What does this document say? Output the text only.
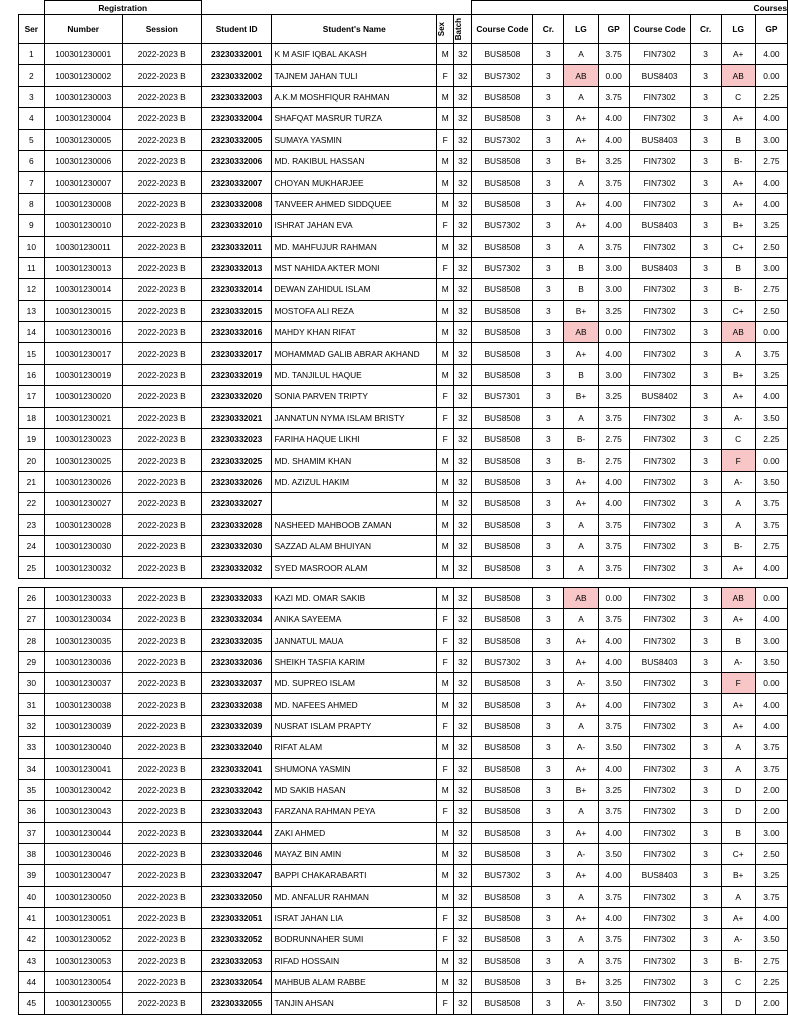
	Registration						Courses							
Ser	Number	Session	Student ID	Student's Name	Sex	Batch	Course Code	Cr.	LG	GP	Course Code	Cr.	LG	GP
1	100301230001	2022-2023 B	23230332001	K M ASIF IQBAL AKASH	M	32	BUS8508	3	A	3.75	FIN7302	3	A+	4.00
2	100301230002	2022-2023 B	23230332002	TAJNEM JAHAN TULI	F	32	BUS7302	3	AB	0.00	BUS8403	3	AB	0.00
3	100301230003	2022-2023 B	23230332003	A.K.M MOSHFIQUR RAHMAN	M	32	BUS8508	3	A	3.75	FIN7302	3	C	2.25
4	100301230004	2022-2023 B	23230332004	SHAFQAT MASRUR TURZA	M	32	BUS8508	3	A+	4.00	FIN7302	3	A+	4.00
5	100301230005	2022-2023 B	23230332005	SUMAYA YASMIN	F	32	BUS7302	3	A+	4.00	BUS8403	3	B	3.00
6	100301230006	2022-2023 B	23230332006	MD. RAKIBUL HASSAN	M	32	BUS8508	3	B+	3.25	FIN7302	3	B-	2.75
7	100301230007	2022-2023 B	23230332007	CHOYAN MUKHARJEE	M	32	BUS8508	3	A	3.75	FIN7302	3	A+	4.00
8	100301230008	2022-2023 B	23230332008	TANVEER AHMED SIDDQUEE	M	32	BUS8508	3	A+	4.00	FIN7302	3	A+	4.00
9	100301230010	2022-2023 B	23230332010	ISHRAT JAHAN EVA	F	32	BUS7302	3	A+	4.00	BUS8403	3	B+	3.25
10	100301230011	2022-2023 B	23230332011	MD. MAHFUJUR RAHMAN	M	32	BUS8508	3	A	3.75	FIN7302	3	C+	2.50
11	100301230013	2022-2023 B	23230332013	MST NAHIDA AKTER MONI	F	32	BUS7302	3	B	3.00	BUS8403	3	B	3.00
12	100301230014	2022-2023 B	23230332014	DEWAN ZAHIDUL ISLAM	M	32	BUS8508	3	B	3.00	FIN7302	3	B-	2.75
13	100301230015	2022-2023 B	23230332015	MOSTOFA ALI REZA	M	32	BUS8508	3	B+	3.25	FIN7302	3	C+	2.50
14	100301230016	2022-2023 B	23230332016	MAHDY KHAN RIFAT	M	32	BUS8508	3	AB	0.00	FIN7302	3	AB	0.00
15	100301230017	2022-2023 B	23230332017	MOHAMMAD GALIB ABRAR AKHAND	M	32	BUS8508	3	A+	4.00	FIN7302	3	A	3.75
16	100301230019	2022-2023 B	23230332019	MD. TANJILUL HAQUE	M	32	BUS8508	3	B	3.00	FIN7302	3	B+	3.25
17	100301230020	2022-2023 B	23230332020	SONIA PARVEN TRIPTY	F	32	BUS7301	3	B+	3.25	BUS8402	3	A+	4.00
18	100301230021	2022-2023 B	23230332021	JANNATUN NYMA ISLAM BRISTY	F	32	BUS8508	3	A	3.75	FIN7302	3	A-	3.50
19	100301230023	2022-2023 B	23230332023	FARIHA HAQUE LIKHI	F	32	BUS8508	3	B-	2.75	FIN7302	3	C	2.25
20	100301230025	2022-2023 B	23230332025	MD. SHAMIM KHAN	M	32	BUS8508	3	B-	2.75	FIN7302	3	F	0.00
21	100301230026	2022-2023 B	23230332026	MD. AZIZUL HAKIM	M	32	BUS8508	3	A+	4.00	FIN7302	3	A-	3.50
22	100301230027	2022-2023 B	23230332027		M	32	BUS8508	3	A+	4.00	FIN7302	3	A	3.75
23	100301230028	2022-2023 B	23230332028	NASHEED MAHBOOB ZAMAN	M	32	BUS8508	3	A	3.75	FIN7302	3	A	3.75
24	100301230030	2022-2023 B	23230332030	SAZZAD ALAM BHUIYAN	M	32	BUS8508	3	A	3.75	FIN7302	3	B-	2.75
25	100301230032	2022-2023 B	23230332032	SYED MASROOR ALAM	M	32	BUS8508	3	A	3.75	FIN7302	3	A+	4.00

26	100301230033	2022-2023 B	23230332033	KAZI MD. OMAR SAKIB	M	32	BUS8508	3	AB	0.00	FIN7302	3	AB	0.00
27	100301230034	2022-2023 B	23230332034	ANIKA SAYEEMA	F	32	BUS8508	3	A	3.75	FIN7302	3	A+	4.00
28	100301230035	2022-2023 B	23230332035	JANNATUL MAUA	F	32	BUS8508	3	A+	4.00	FIN7302	3	B	3.00
29	100301230036	2022-2023 B	23230332036	SHEIKH TASFIA KARIM	F	32	BUS7302	3	A+	4.00	BUS8403	3	A-	3.50
30	100301230037	2022-2023 B	23230332037	MD. SUPREO ISLAM	M	32	BUS8508	3	A-	3.50	FIN7302	3	F	0.00
31	100301230038	2022-2023 B	23230332038	MD. NAFEES AHMED	M	32	BUS8508	3	A+	4.00	FIN7302	3	A+	4.00
32	100301230039	2022-2023 B	23230332039	NUSRAT ISLAM PRAPTY	F	32	BUS8508	3	A	3.75	FIN7302	3	A+	4.00
33	100301230040	2022-2023 B	23230332040	RIFAT ALAM	M	32	BUS8508	3	A-	3.50	FIN7302	3	A	3.75
34	100301230041	2022-2023 B	23230332041	SHUMONA YASMIN	F	32	BUS8508	3	A+	4.00	FIN7302	3	A	3.75
35	100301230042	2022-2023 B	23230332042	MD SAKIB HASAN	M	32	BUS8508	3	B+	3.25	FIN7302	3	D	2.00
36	100301230043	2022-2023 B	23230332043	FARZANA RAHMAN PEYA	F	32	BUS8508	3	A	3.75	FIN7302	3	D	2.00
37	100301230044	2022-2023 B	23230332044	ZAKI AHMED	M	32	BUS8508	3	A+	4.00	FIN7302	3	B	3.00
38	100301230046	2022-2023 B	23230332046	MAYAZ BIN AMIN	M	32	BUS8508	3	A-	3.50	FIN7302	3	C+	2.50
39	100301230047	2022-2023 B	23230332047	BAPPI CHAKARABARTI	M	32	BUS7302	3	A+	4.00	BUS8403	3	B+	3.25
40	100301230050	2022-2023 B	23230332050	MD. ANFALUR RAHMAN	M	32	BUS8508	3	A	3.75	FIN7302	3	A	3.75
41	100301230051	2022-2023 B	23230332051	ISRAT JAHAN LIA	F	32	BUS8508	3	A+	4.00	FIN7302	3	A+	4.00
42	100301230052	2022-2023 B	23230332052	BODRUNNAHER SUMI	F	32	BUS8508	3	A	3.75	FIN7302	3	A-	3.50
43	100301230053	2022-2023 B	23230332053	RIFAD HOSSAIN	M	32	BUS8508	3	A	3.75	FIN7302	3	B-	2.75
44	100301230054	2022-2023 B	23230332054	MAHBUB ALAM RABBE	M	32	BUS8508	3	B+	3.25	FIN7302	3	C	2.25
45	100301230055	2022-2023 B	23230332055	TANJIN AHSAN	F	32	BUS8508	3	A-	3.50	FIN7302	3	D	2.00
